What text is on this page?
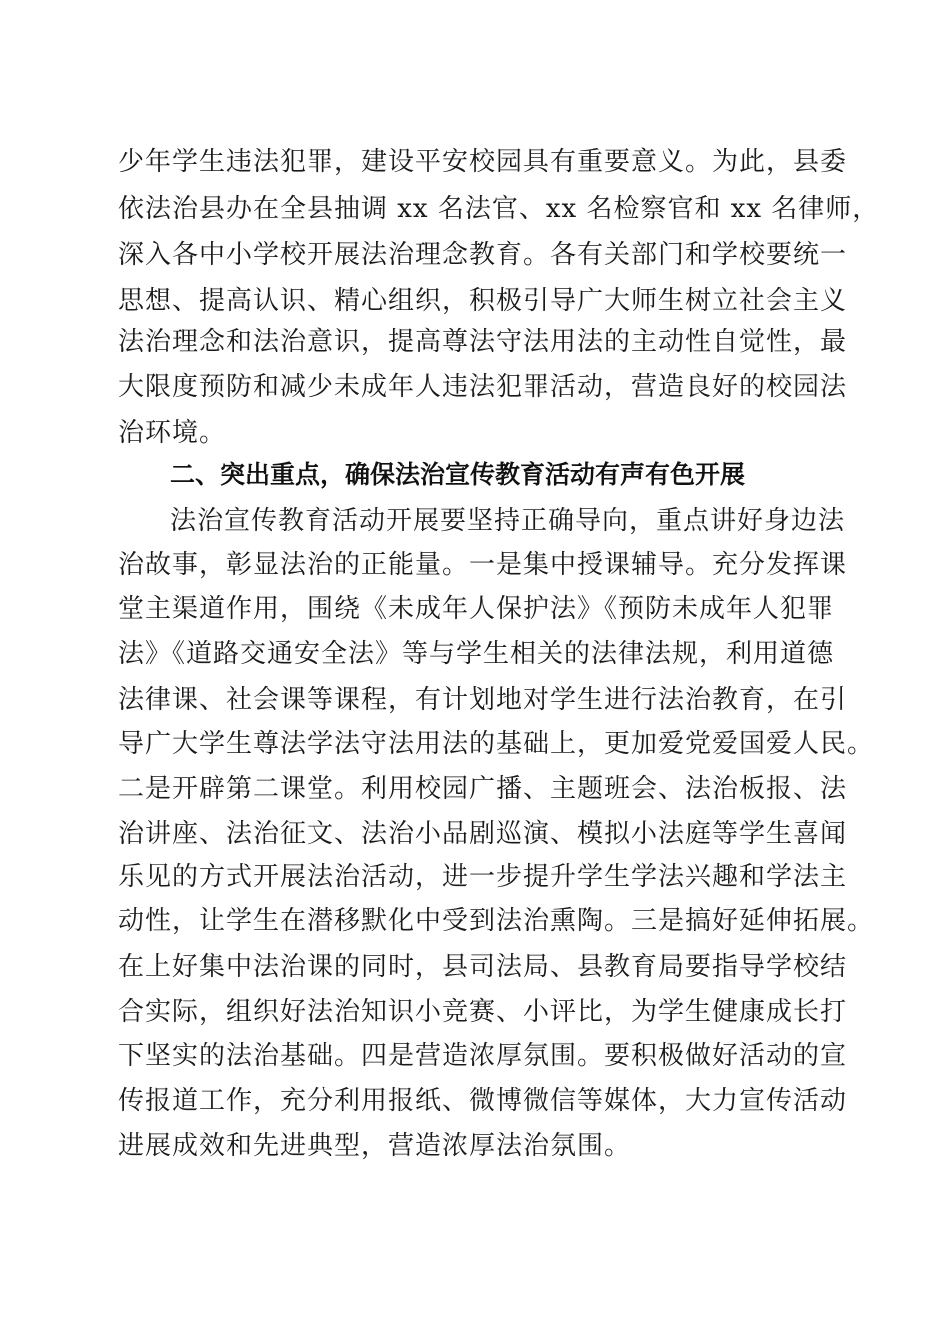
少年学生违法犯罪，建设平安校园具有重要意义。为此，县委
依法治县办在全县抽调 xx 名法官、xx 名检察官和 xx 名律师，
深入各中小学校开展法治理念教育。各有关部门和学校要统一
思想、提高认识、精心组织，积极引导广大师生树立社会主义
法治理念和法治意识，提高尊法守法用法的主动性自觉性，最
大限度预防和减少未成年人违法犯罪活动，营造良好的校园法
治环境。
二、突出重点，确保法治宣传教育活动有声有色开展
法治宣传教育活动开展要坚持正确导向，重点讲好身边法
治故事，彰显法治的正能量。一是集中授课辅导。充分发挥课
堂主渠道作用，围绕《未成年人保护法》《预防未成年人犯罪
法》《道路交通安全法》等与学生相关的法律法规，利用道德
法律课、社会课等课程，有计划地对学生进行法治教育，在引
导广大学生尊法学法守法用法的基础上，更加爱党爱国爱人民。
二是开辟第二课堂。利用校园广播、主题班会、法治板报、法
治讲座、法治征文、法治小品剧巡演、模拟小法庭等学生喜闻
乐见的方式开展法治活动，进一步提升学生学法兴趣和学法主
动性，让学生在潜移默化中受到法治熏陶。三是搞好延伸拓展。
在上好集中法治课的同时，县司法局、县教育局要指导学校结
合实际，组织好法治知识小竞赛、小评比，为学生健康成长打
下坚实的法治基础。四是营造浓厚氛围。要积极做好活动的宣
传报道工作，充分利用报纸、微博微信等媒体，大力宣传活动
进展成效和先进典型，营造浓厚法治氛围。
